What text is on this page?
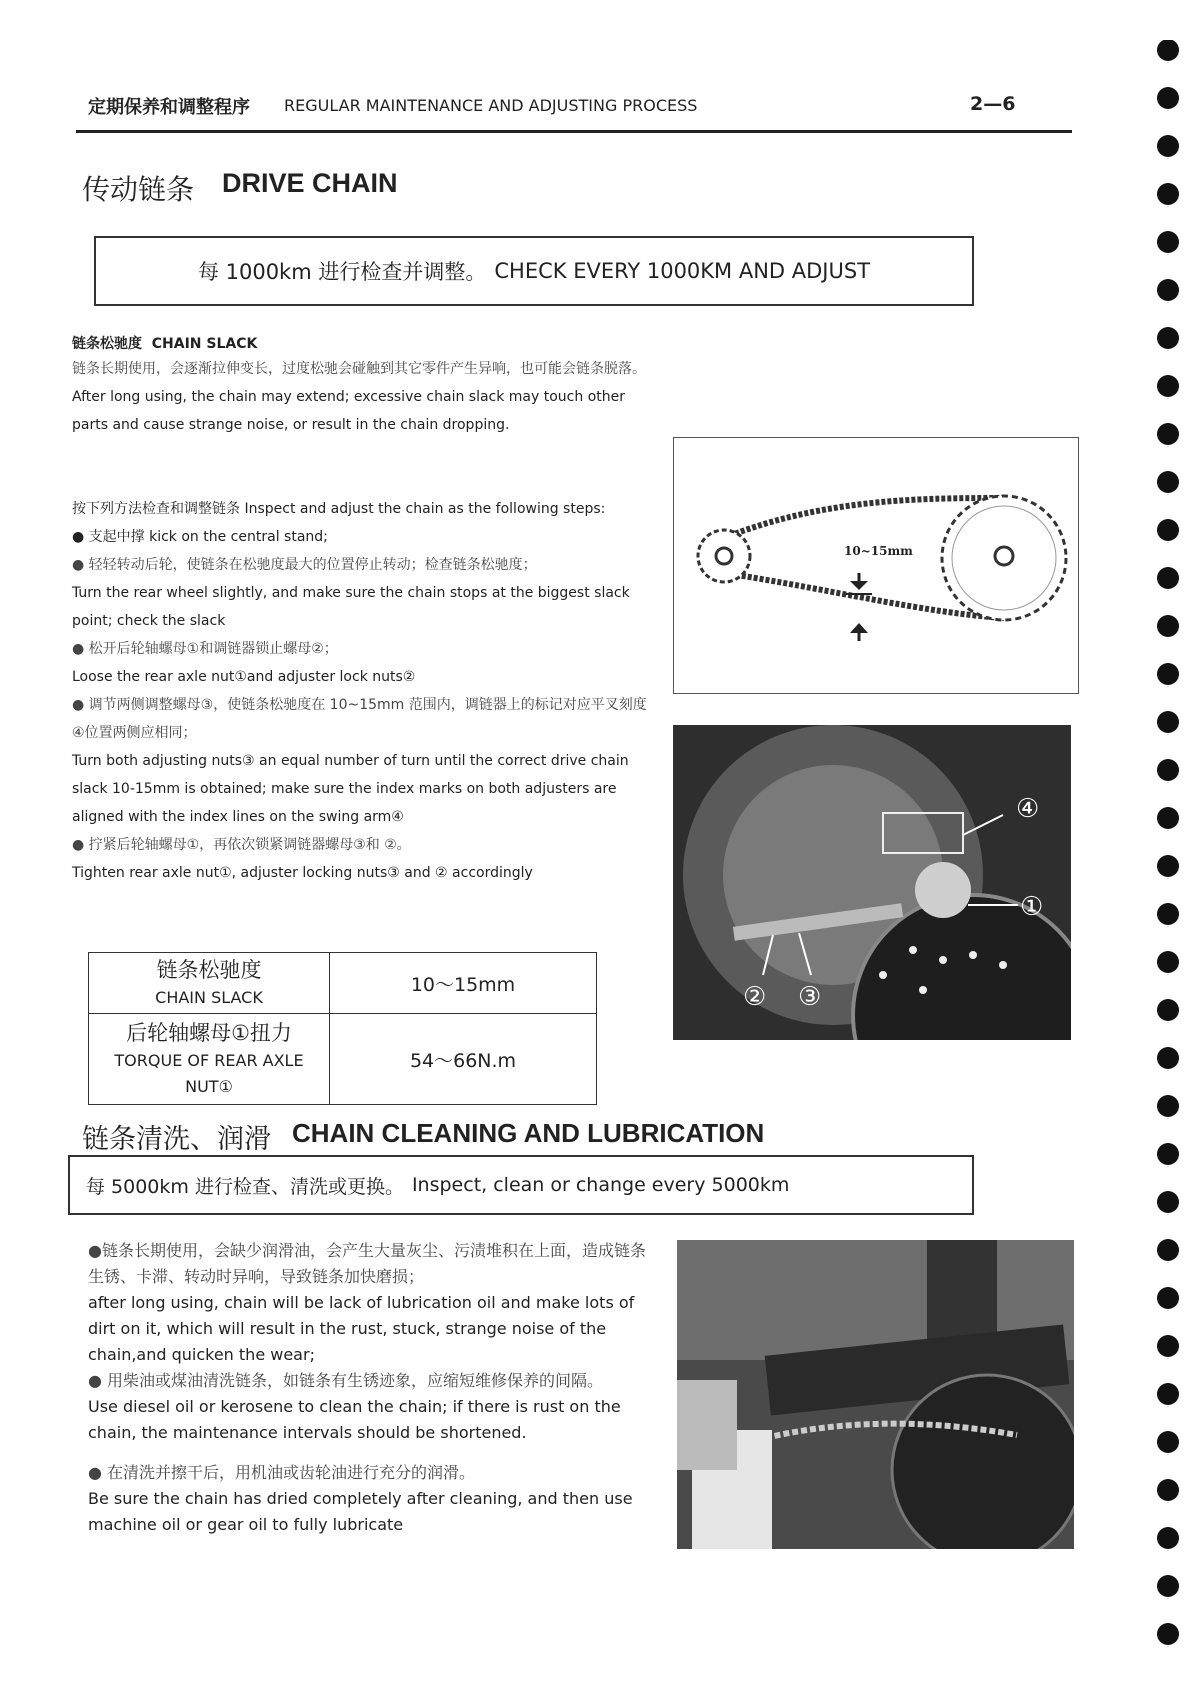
定期保养和调整程序 REGULAR MAINTENANCE AND ADJUSTING PROCESS	2—6
传动链条 DRIVE CHAIN
每 1000km 进行检查并调整。 CHECK EVERY 1000KM AND ADJUST
链条松驰度 CHAIN SLACK

链条长期使用，会逐渐拉伸变长，过度松驰会碰触到其它零件产生异响，也可能会链条脱落。

After long using, the chain may extend; excessive chain slack may touch other parts and cause strange noise, or result in the chain dropping.

按下列方法检查和调整链条 Inspect and adjust the chain as the following steps:

● 支起中撑 kick on the central stand;

● 轻轻转动后轮，使链条在松驰度最大的位置停止转动；检查链条松驰度；

Turn the rear wheel slightly, and make sure the chain stops at the biggest slack point; check the slack

● 松开后轮轴螺母①和调链器锁止螺母②；

Loose the rear axle nut①and adjuster lock nuts②

● 调节两侧调整螺母③，使链条松驰度在 10~15mm 范围内，调链器上的标记对应平叉刻度④位置两侧应相同；

Turn both adjusting nuts③ an equal number of turn until the correct drive chain slack 10-15mm is obtained; make sure the index marks on both adjusters are aligned with the index lines on the swing arm④

● 拧紧后轮轴螺母①，再依次锁紧调链器螺母③和 ②。

Tighten rear axle nut①, adjuster locking nuts③ and ② accordingly

链条松驰度
CHAIN SLACK	10～15mm

后轮轴螺母①扭力
TORQUE OF REAR AXLE
NUT①	54～66N.m
10~15mm
④
①
② ③
链条清洗、润滑 CHAIN CLEANING AND LUBRICATION
每 5000km 进行检查、清洗或更换。 Inspect, clean or change every 5000km

●链条长期使用，会缺少润滑油，会产生大量灰尘、污渍堆积在上面，造成链条生锈、卡滞、转动时异响，导致链条加快磨损；

after long using, chain will be lack of lubrication oil and make lots of dirt on it, which will result in the rust, stuck, strange noise of the chain,and quicken the wear;

● 用柴油或煤油清洗链条，如链条有生锈迹象，应缩短维修保养的间隔。

Use diesel oil or kerosene to clean the chain; if there is rust on the chain, the maintenance intervals should be shortened.

● 在清洗并擦干后，用机油或齿轮油进行充分的润滑。

Be sure the chain has dried completely after cleaning, and then use machine oil or gear oil to fully lubricate
